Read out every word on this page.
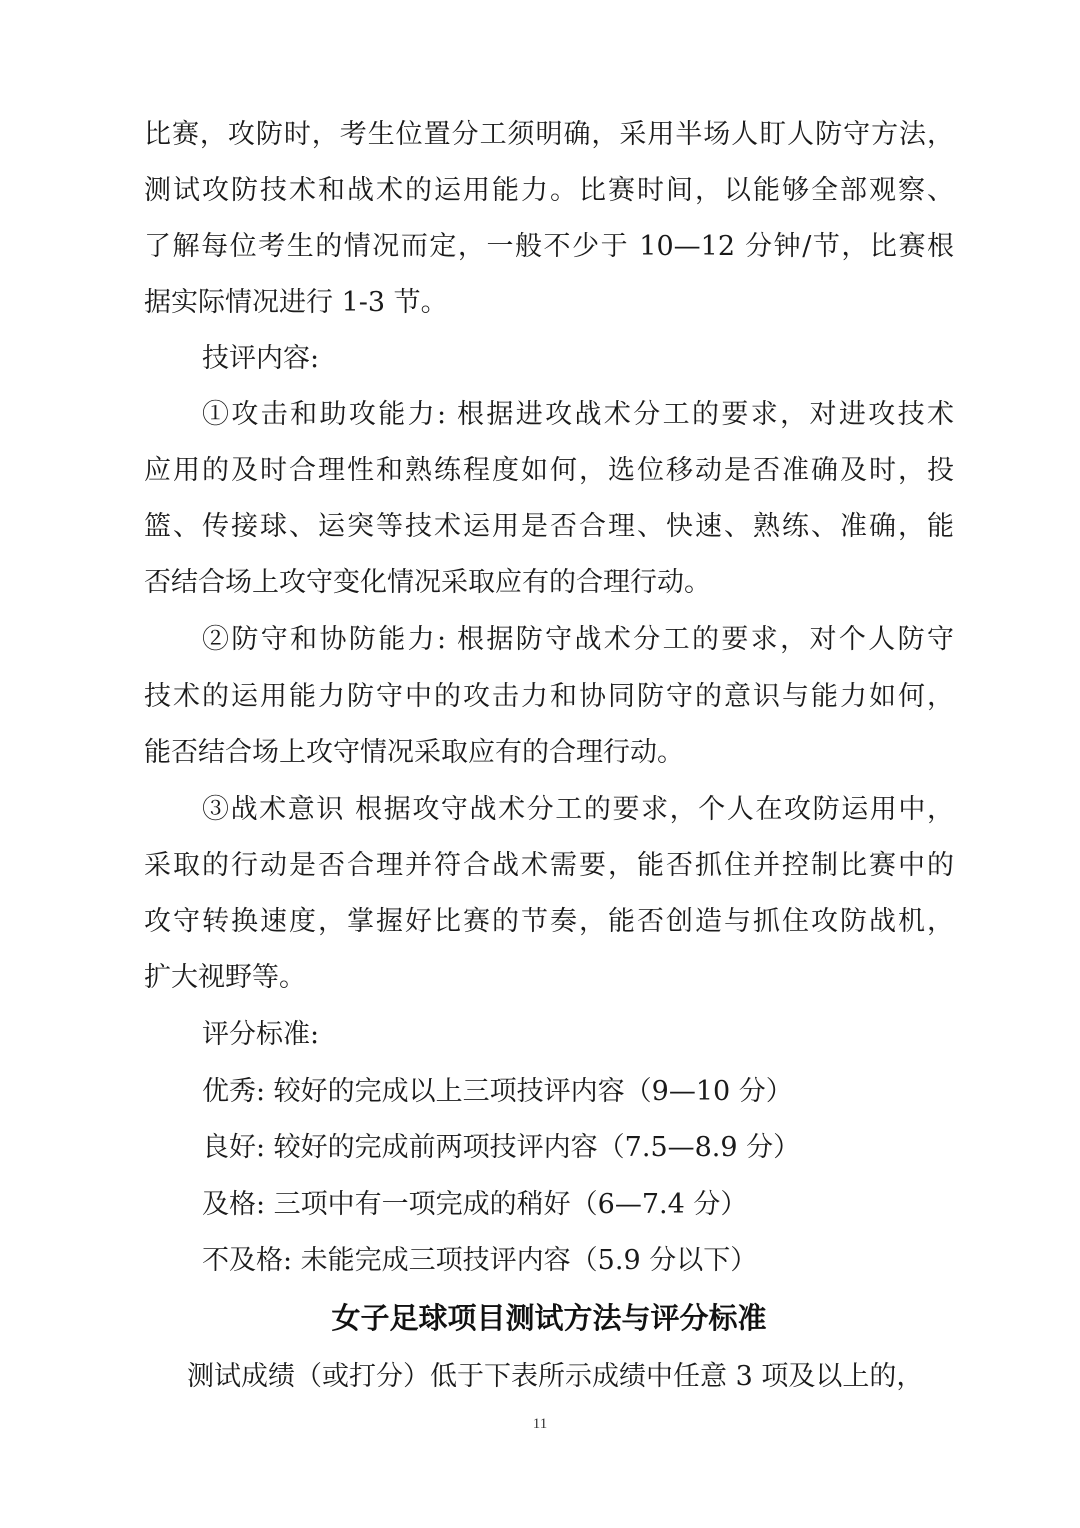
比赛，攻防时，考生位置分工须明确，采用半场人盯人防守方法，
测试攻防技术和战术的运用能力。比赛时间，以能够全部观察、
了解每位考生的情况而定，一般不少于 10—12 分钟/节，比赛根
据实际情况进行 1-3 节。
技评内容:
①攻击和助攻能力: 根据进攻战术分工的要求，对进攻技术
应用的及时合理性和熟练程度如何，选位移动是否准确及时，投
篮、传接球、运突等技术运用是否合理、快速、熟练、准确，能
否结合场上攻守变化情况采取应有的合理行动。
②防守和协防能力: 根据防守战术分工的要求，对个人防守
技术的运用能力防守中的攻击力和协同防守的意识与能力如何，
能否结合场上攻守情况采取应有的合理行动。
③战术意识 根据攻守战术分工的要求，个人在攻防运用中，
采取的行动是否合理并符合战术需要，能否抓住并控制比赛中的
攻守转换速度，掌握好比赛的节奏，能否创造与抓住攻防战机，
扩大视野等。
评分标准:
优秀: 较好的完成以上三项技评内容（9—10 分）
良好: 较好的完成前两项技评内容（7.5—8.9 分）
及格: 三项中有一项完成的稍好（6—7.4 分）
不及格: 未能完成三项技评内容（5.9 分以下）
女子足球项目测试方法与评分标准
测试成绩（或打分）低于下表所示成绩中任意 3 项及以上的，
11
